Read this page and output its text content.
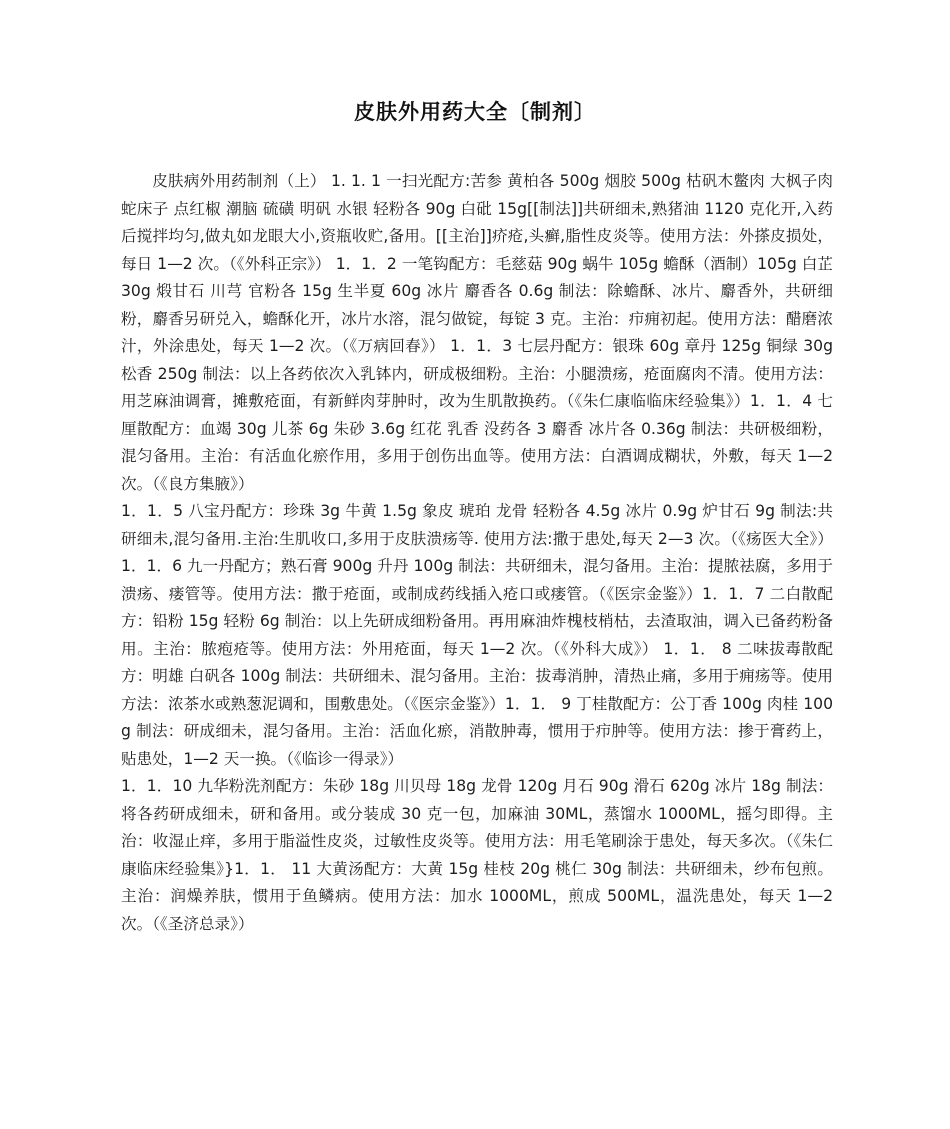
皮肤外用药大全〔制剂〕

皮肤病外用药制剂（上） 1. 1. 1 一扫光配方:苦参 黄柏各 500g 烟胶 500g 枯矾木鳖肉 大枫子肉 蛇床子 点红椒 潮脑 硫磺 明矾 水银 轻粉各 90g 白砒 15g[[制法]]共研细未,熟猪油 1120 克化开,入药后搅拌均匀,做丸如龙眼大小,资瓶收贮,备用。[[主治]]疥疮,头癣,脂性皮炎等。使用方法：外搽皮损处，每日 1—2 次。（《外科正宗》） 1．1．2 一笔钩配方：毛慈菇 90g 蜗牛 105g 蟾酥（酒制）105g 白芷 30g 煅甘石 川芎 官粉各 15g 生半夏 60g 冰片 麝香各 0.6g 制法：除蟾酥、冰片、麝香外，共研细粉，麝香另研兑入，蟾酥化开，冰片水溶，混匀做锭，每锭 3 克。主治：疖痈初起。使用方法：醋磨浓汁，外涂患处，每天 1—2 次。（《万病回春》） 1．1．3 七层丹配方：银珠 60g 章丹 125g 铜绿 30g 松香 250g 制法：以上各药依次入乳钵内，研成极细粉。主治：小腿溃疡，疮面腐肉不清。使用方法：用芝麻油调膏，摊敷疮面，有新鲜肉芽肿时，改为生肌散换药。（《朱仁康临临床经验集》）1．1．4 七厘散配方：血竭 30g 儿茶 6g 朱砂 3.6g 红花 乳香 没药各 3 麝香 冰片各 0.36g 制法：共研极细粉，混匀备用。主治：有活血化瘀作用，多用于创伤出血等。使用方法：白酒调成糊状，外敷，每天 1—2 次。（《良方集腋》）

1．1．5 八宝丹配方：珍珠 3g 牛黄 1.5g 象皮 琥珀 龙骨 轻粉各 4.5g 冰片 0.9g 炉甘石 9g 制法:共研细未,混匀备用.主治:生肌收口,多用于皮肤溃疡等. 使用方法:撒于患处,每天 2—3 次。（《疡医大全》）1．1．6 九一丹配方；熟石膏 900g 升丹 100g 制法：共研细未，混匀备用。主治：提脓祛腐，多用于溃疡、瘘管等。使用方法：撒于疮面，或制成药线插入疮口或瘘管。（《医宗金鉴》）1．1．7 二白散配方：铅粉 15g 轻粉 6g 制治：以上先研成细粉备用。再用麻油炸槐枝梢枯，去渣取油，调入已备药粉备用。主治：脓疱疮等。使用方法：外用疮面，每天 1—2 次。（《外科大成》） 1．1． 8 二味拔毒散配方：明雄 白矾各 100g 制法：共研细未、混匀备用。主治：拔毒消肿，清热止痛，多用于痈疡等。使用方法：浓茶水或熟葱泥调和，围敷患处。（《医宗金鉴》）1．1． 9 丁桂散配方：公丁香 100g 肉桂 100g 制法：研成细未，混匀备用。主治：活血化瘀，消散肿毒，惯用于疖肿等。使用方法：掺于膏药上，贴患处，1—2 天一换。（《临诊一得录》）

1．1．10 九华粉洗剂配方：朱砂 18g 川贝母 18g 龙骨 120g 月石 90g 滑石 620g 冰片 18g 制法：将各药研成细未，研和备用。或分装成 30 克一包，加麻油 30ML，蒸馏水 1000ML，摇匀即得。主治：收湿止痒，多用于脂溢性皮炎，过敏性皮炎等。使用方法：用毛笔刷涂于患处，每天多次。（《朱仁康临床经验集》}1．1． 11 大黄汤配方：大黄 15g 桂枝 20g 桃仁 30g 制法：共研细未，纱布包煎。主治：润燥养肤，惯用于鱼鳞病。使用方法：加水 1000ML，煎成 500ML，温洗患处，每天 1—2 次。（《圣济总录》）
